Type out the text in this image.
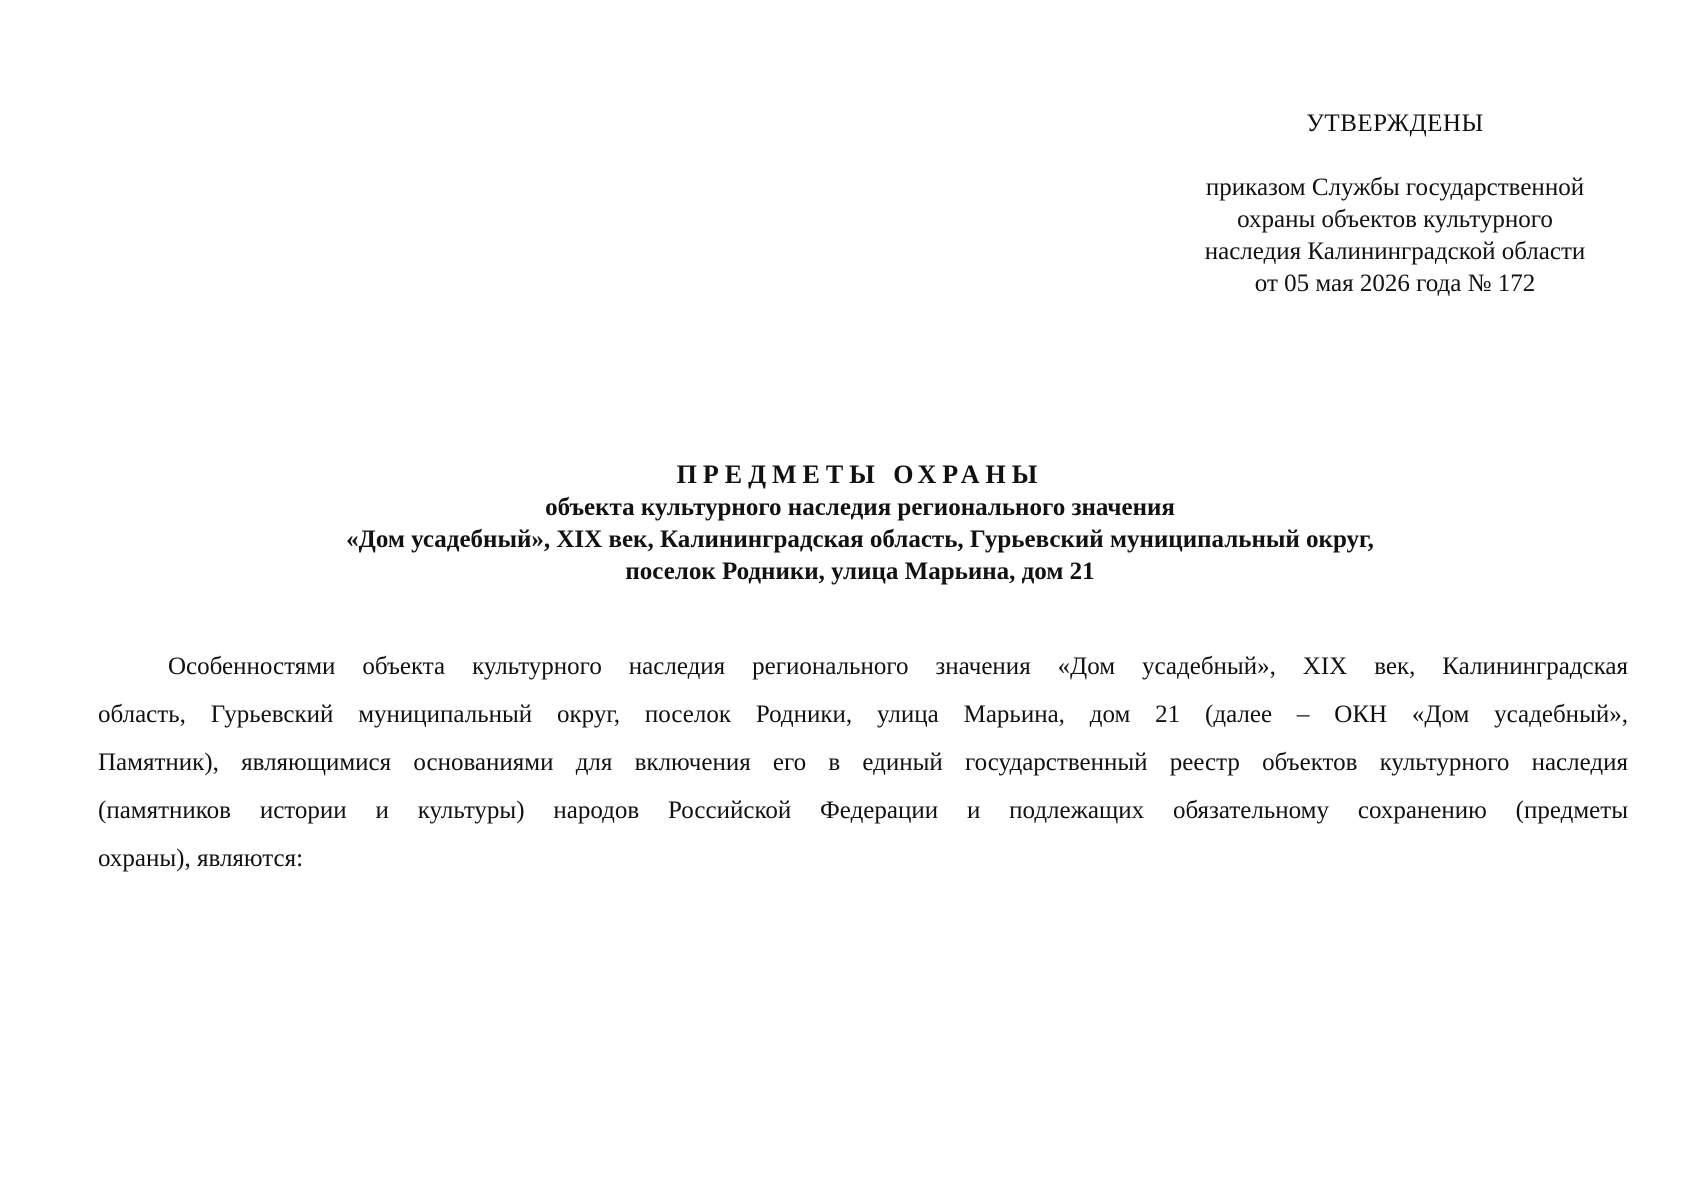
УТВЕРЖДЕНЫ
приказом Службы государственной
охраны объектов культурного
наследия Калининградской области
от 05 мая 2026 года № 172
ПРЕДМЕТЫ ОХРАНЫ
объекта культурного наследия регионального значения
«Дом усадебный», XIX век, Калининградская область, Гурьевский муниципальный округ,
поселок Родники, улица Марьина, дом 21
Особенностями объекта культурного наследия регионального значения «Дом усадебный», XIX век, Калининградская
область, Гурьевский муниципальный округ, поселок Родники, улица Марьина, дом 21 (далее – ОКН «Дом усадебный»,
Памятник), являющимися основаниями для включения его в единый государственный реестр объектов культурного наследия
(памятников истории и культуры) народов Российской Федерации и подлежащих обязательному сохранению (предметы
охраны), являются:
